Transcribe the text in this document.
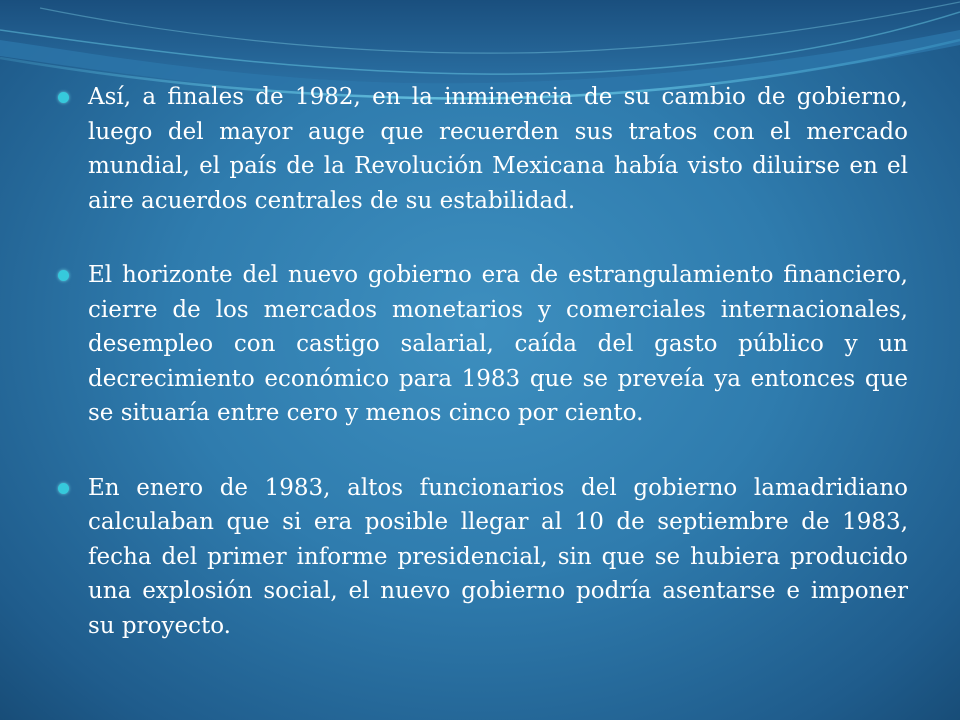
Así, a finales de 1982, en la inminencia de su cambio de gobierno, luego del mayor auge que recuerden sus tratos con el mercado mundial, el país de la Revolución Mexicana había visto diluirse en el aire acuerdos centrales de su estabilidad.
El horizonte del nuevo gobierno era de estrangulamiento financiero, cierre de los mercados monetarios y comerciales internacionales, desempleo con castigo salarial, caída del gasto público y un decrecimiento económico para 1983 que se preveía ya entonces que se situaría entre cero y menos cinco por ciento.
En enero de 1983, altos funcionarios del gobierno lamadridiano calculaban que si era posible llegar al 10 de septiembre de 1983, fecha del primer informe presidencial, sin que se hubiera producido una explosión social, el nuevo gobierno podría asentarse e imponer su proyecto.
